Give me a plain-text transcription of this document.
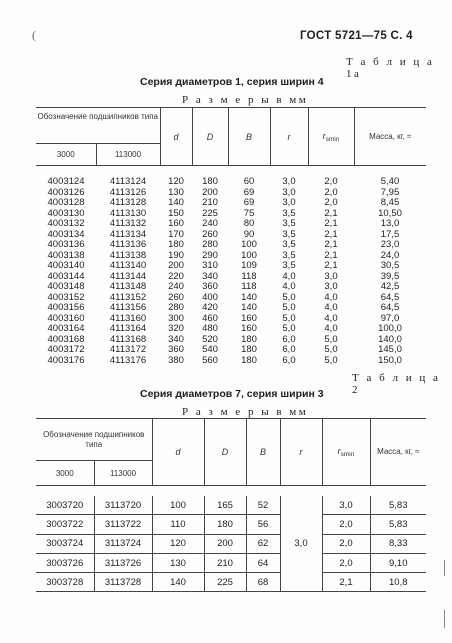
(	ГОСТ 5721—75 С. 4
Т а б л и ц а 1а
Серия диаметров 1, серия ширин 4
Р а з м е р ы в мм
Обозначение подшипников типа		d	D	B	r	$r_{smin}$	Масса, кг, ≈
3000	113000						

4003124	4113124	120	180	60	3,0	2,0	5,40
4003126	4113126	130	200	69	3,0	2,0	7,95
4003128	4113128	140	210	69	3,0	2,0	8,45
4003130	4113130	150	225	75	3,5	2,1	10,50
4003132	4113132	160	240	80	3,5	2,1	13,0
4003134	4113134	170	260	90	3,5	2,1	17,5
4003136	4113136	180	280	100	3,5	2,1	23,0
4003138	4113138	190	290	100	3,5	2,1	24,0
4003140	4113140	200	310	109	3,5	2,1	30,5
4003144	4113144	220	340	118	4,0	3,0	39,5
4003148	4113148	240	360	118	4,0	3,0	42,5
4003152	4113152	260	400	140	5,0	4,0	64,5
4003156	4113156	280	420	140	5,0	4,0	64,5
4003160	4113160	300	460	160	5,0	4,0	97,0
4003164	4113164	320	480	160	5,0	4,0	100,0
4003168	4113168	340	520	180	6,0	5,0	140,0
4003172	4113172	360	540	180	6,0	5,0	145,0
4003176	4113176	380	560	180	6,0	5,0	150,0
Т а б л и ц а 2
Серия диаметров 7, серия ширин 3
Р а з м е р ы в мм
Обозначение подшипников типа		d	D	B	r	$r_{smin}$	Масса, кг, ≈
3000	113000						

3003720	3113720	100	165	52	3,0	3,0	5,83
3003722	3113722	110	180	56		2,0	5,83
3003724	3113724	120	200	62		2,0	8,33
3003726	3113726	130	210	64		2,0	9,10
3003728	3113728	140	225	68		2,1	10,8
